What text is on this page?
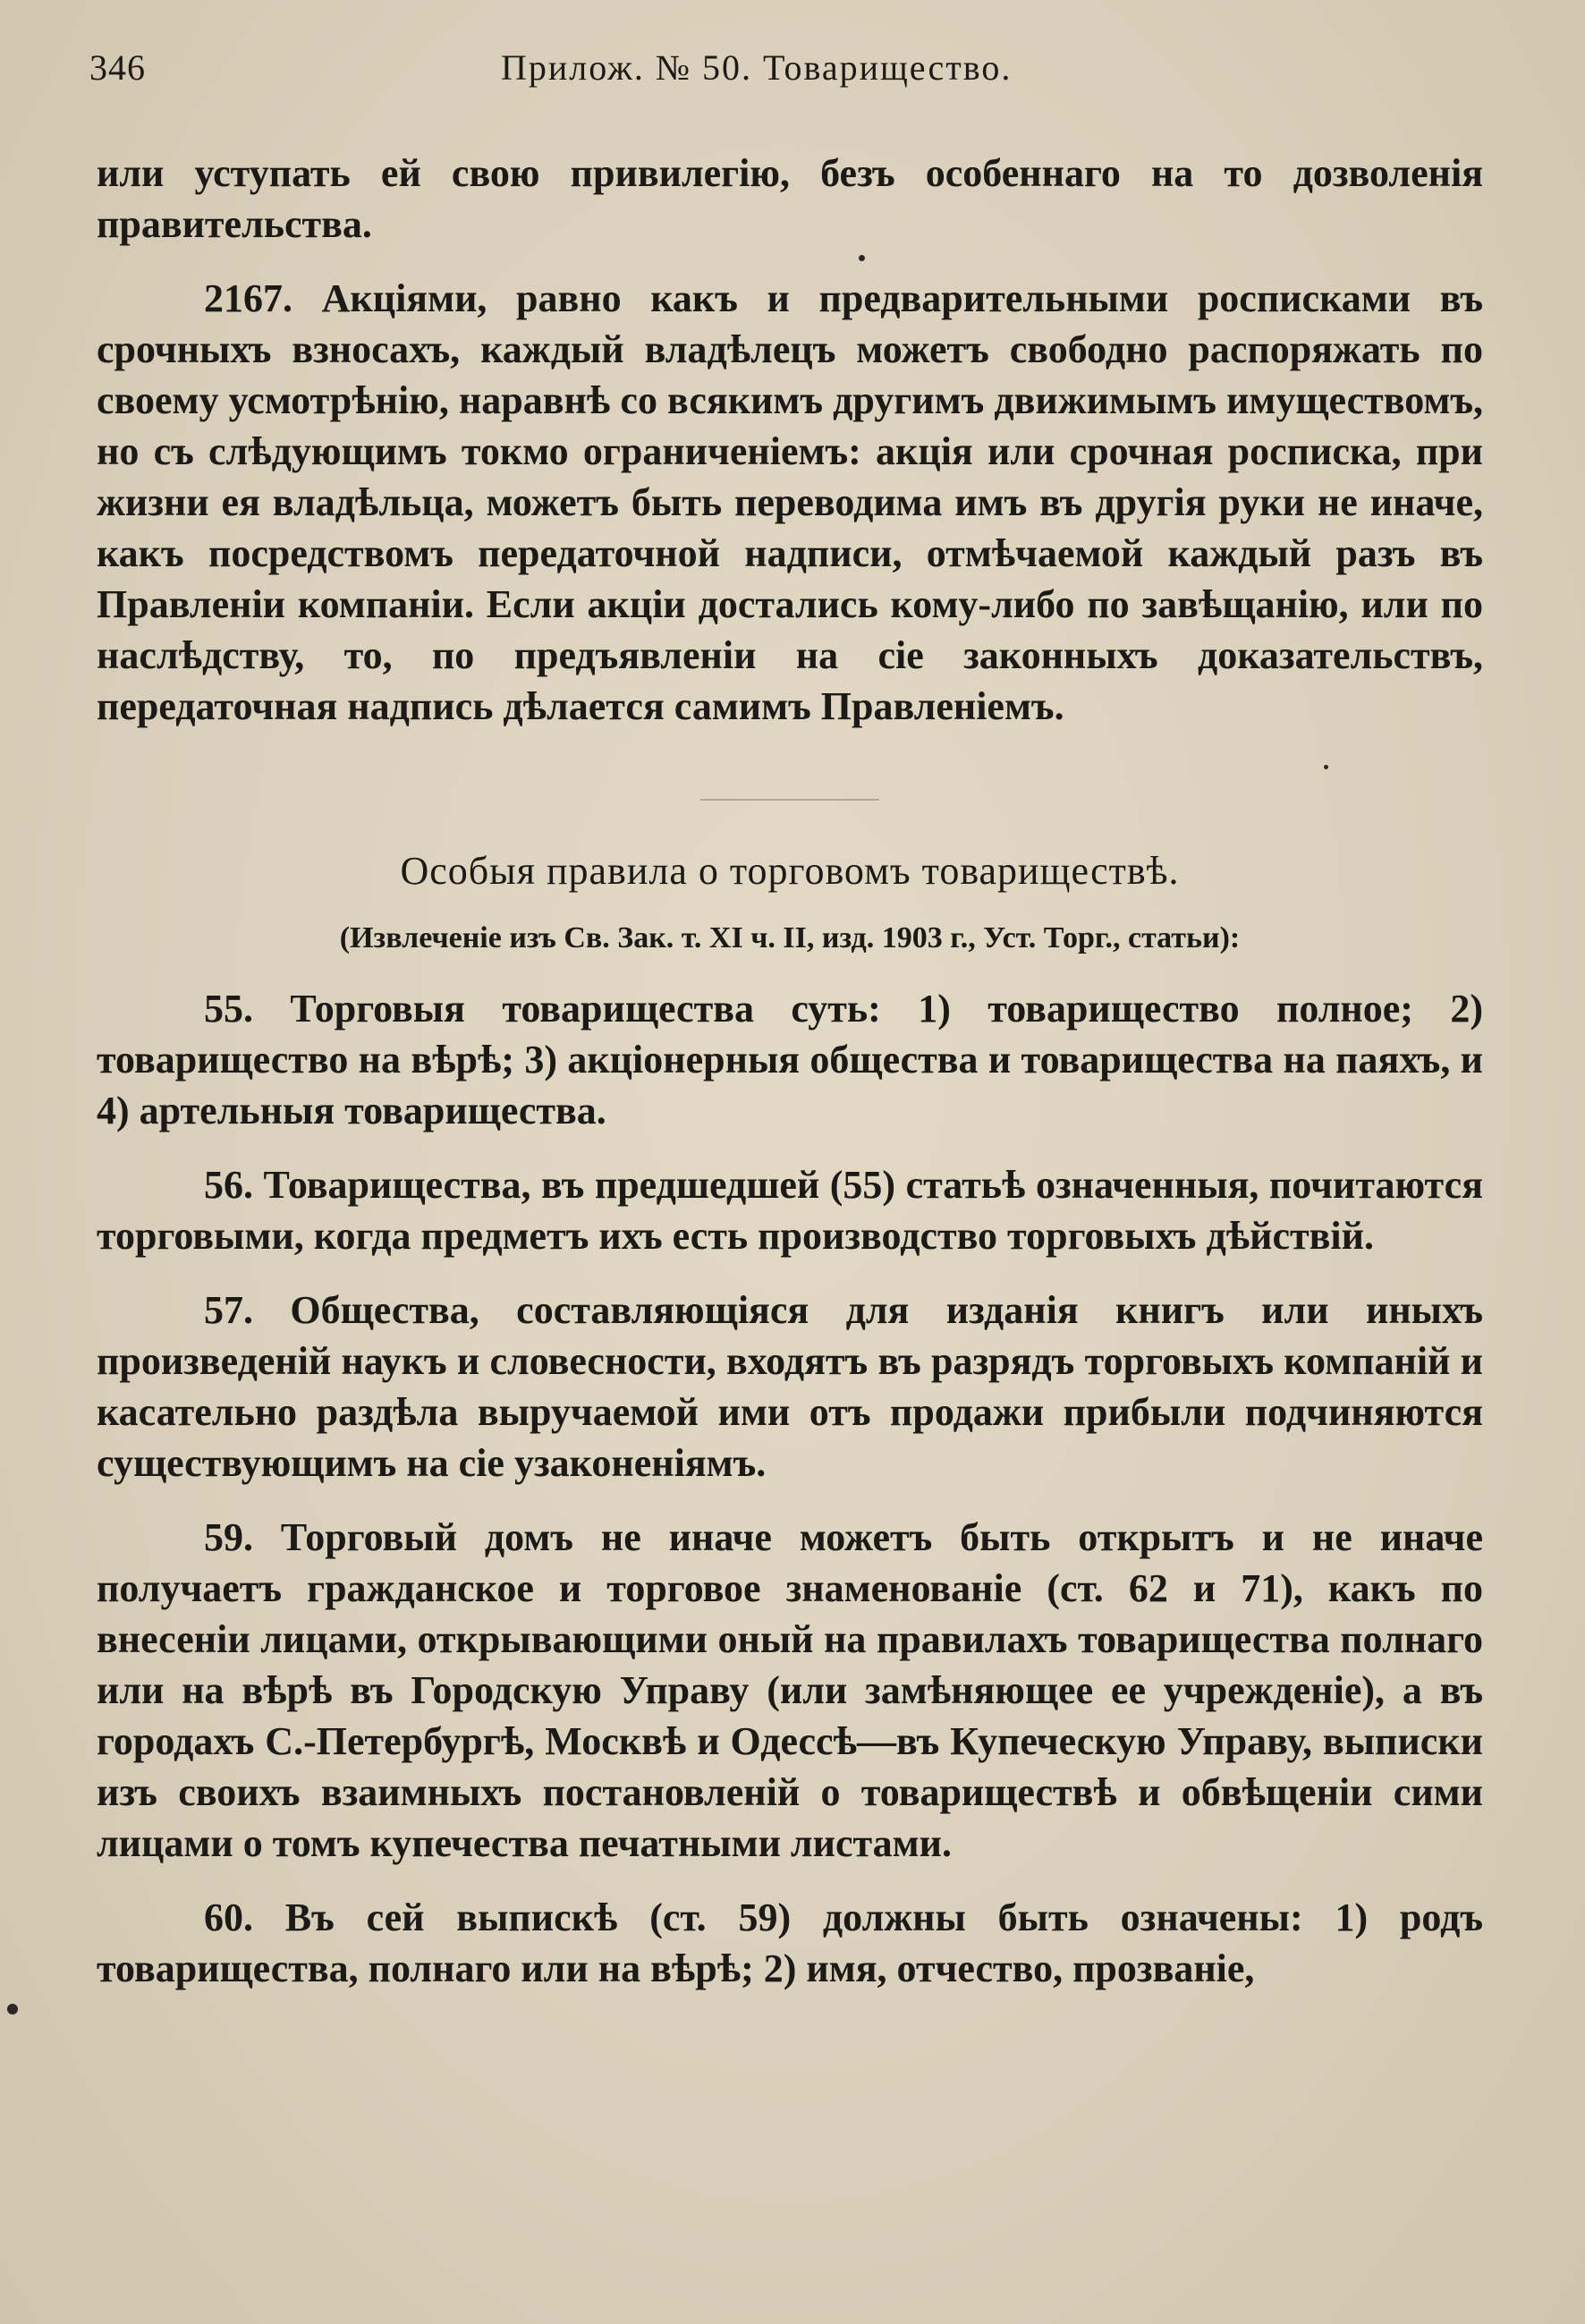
346	Прилож. № 50. Товарищество.

или уступать ей свою привилегію, безъ особеннаго на то дозволенія правительства.

2167. Акціями, равно какъ и предварительными росписками въ срочныхъ взносахъ, каждый владѣлецъ можетъ свободно распоряжать по своему усмотрѣнію, наравнѣ со всякимъ другимъ движимымъ имуществомъ, но съ слѣдующимъ токмо ограниченіемъ: акція или срочная росписка, при жизни ея владѣльца, можетъ быть переводима имъ въ другія руки не иначе, какъ посредствомъ передаточной надписи, отмѣчаемой каждый разъ въ Правленіи компаніи. Если акціи достались кому-либо по завѣщанію, или по наслѣдству, то, по предъявленіи на сіе законныхъ доказательствъ, передаточная надпись дѣлается самимъ Правленіемъ.

Особыя правила о торговомъ товариществѣ.

(Извлеченіе изъ Св. Зак. т. XI ч. II, изд. 1903 г., Уст. Торг., статьи):

55. Торговыя товарищества суть: 1) товарищество полное; 2) товарищество на вѣрѣ; 3) акціонерныя общества и товарищества на паяхъ, и 4) артельныя товарищества.

56. Товарищества, въ предшедшей (55) статьѣ означенныя, почитаются торговыми, когда предметъ ихъ есть производство торговыхъ дѣйствій.

57. Общества, составляющіяся для изданія книгъ или иныхъ произведеній наукъ и словесности, входятъ въ разрядъ торговыхъ компаній и касательно раздѣла выручаемой ими отъ продажи прибыли подчиняются существующимъ на сіе узаконеніямъ.

59. Торговый домъ не иначе можетъ быть открытъ и не иначе получаетъ гражданское и торговое знаменованіе (ст. 62 и 71), какъ по внесеніи лицами, открывающими оный на правилахъ товарищества полнаго или на вѣрѣ въ Городскую Управу (или замѣняющее ее учрежденіе), а въ городахъ С.-Петербургѣ, Москвѣ и Одессѣ—въ Купеческую Управу, выписки изъ своихъ взаимныхъ постановленій о товариществѣ и обвѣщеніи сими лицами о томъ купечества печатными листами.

60. Въ сей выпискѣ (ст. 59) должны быть означены: 1) родъ товарищества, полнаго или на вѣрѣ; 2) имя, отчество, прозваніе,
